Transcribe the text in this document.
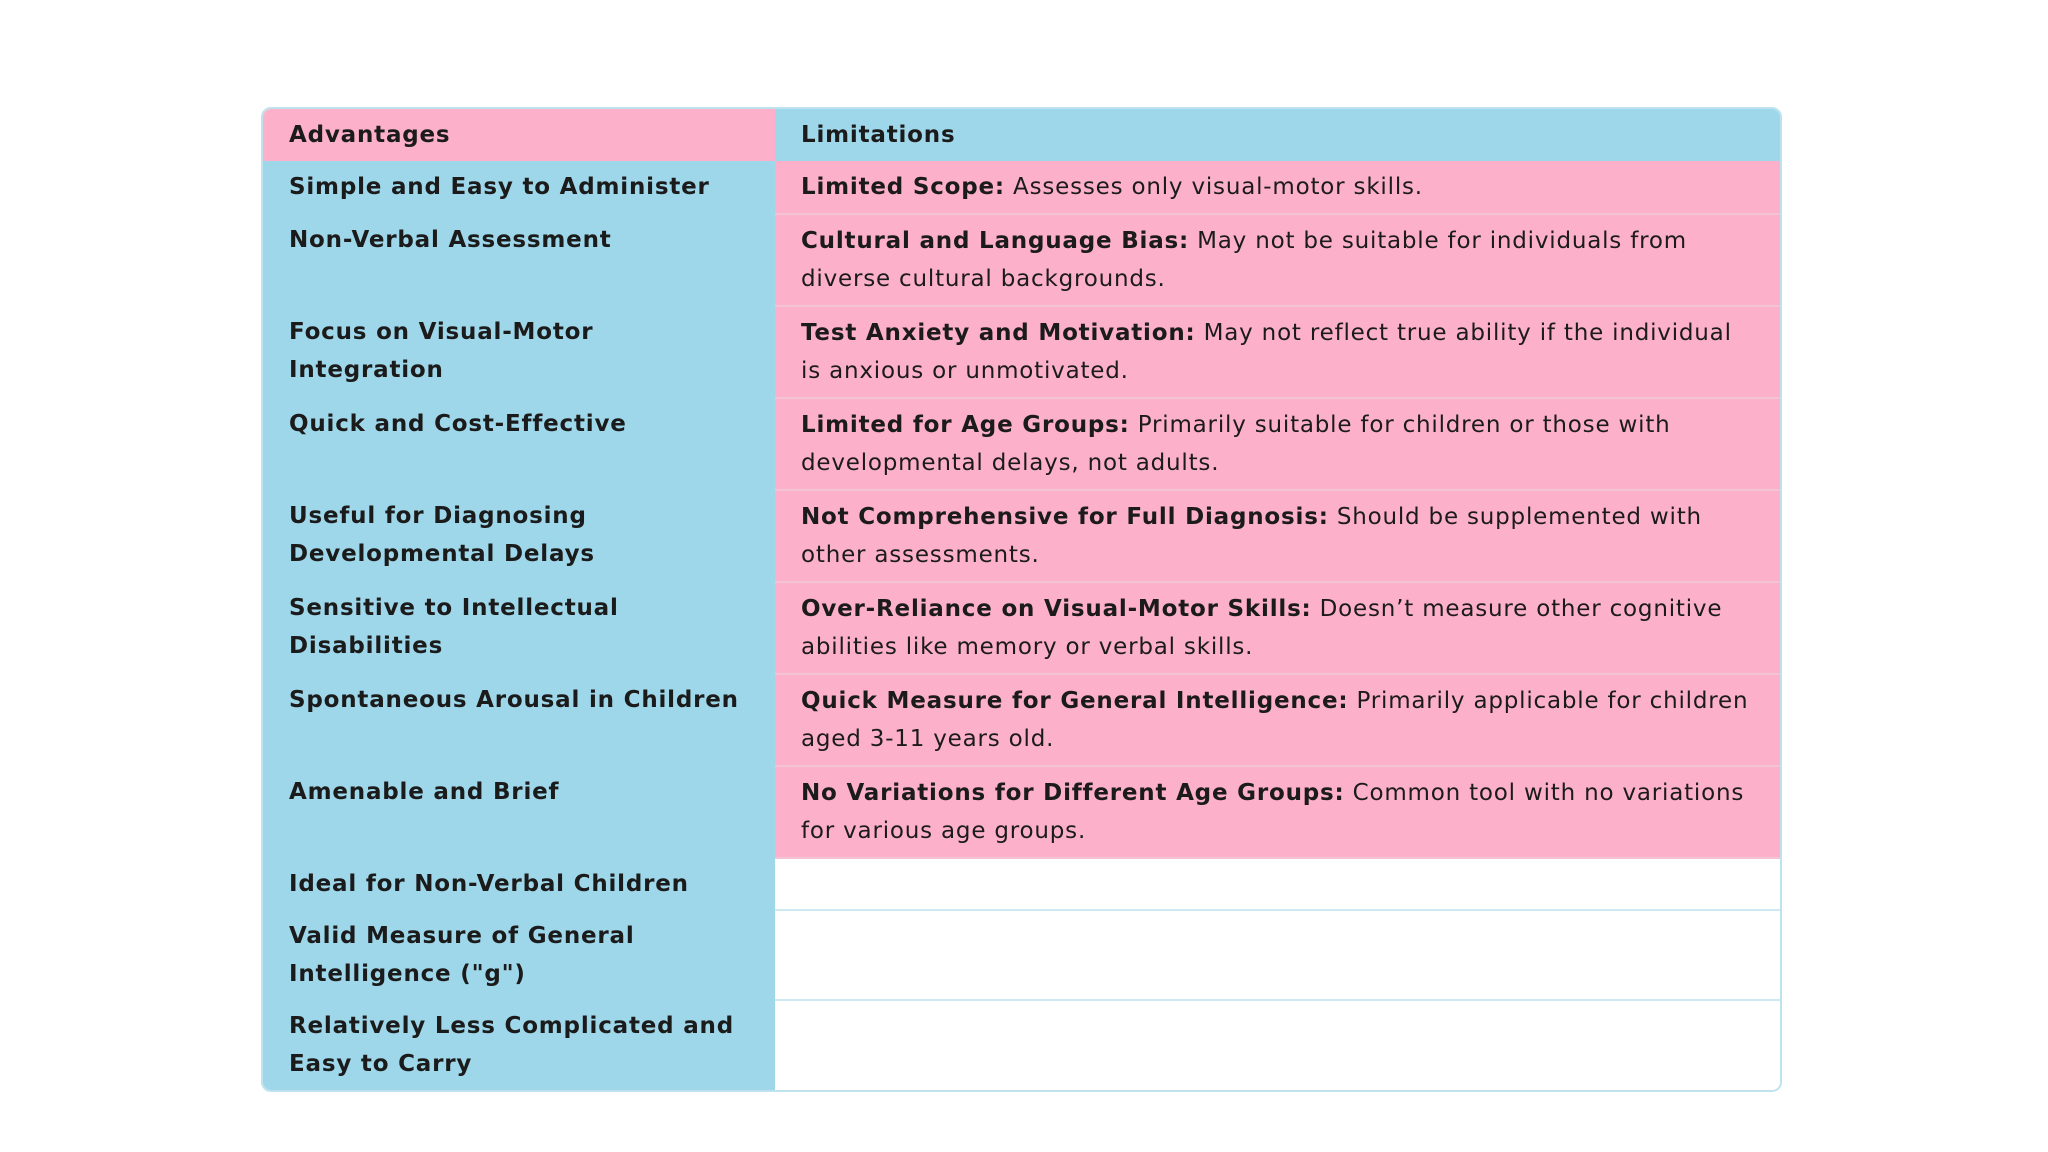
Advantages	Limitations
Simple and Easy to Administer	Limited Scope: Assesses only visual-motor skills.
Non-Verbal Assessment	Cultural and Language Bias: May not be suitable for individuals from diverse cultural backgrounds.
Focus on Visual-Motor Integration	Test Anxiety and Motivation: May not reflect true ability if the individual is anxious or unmotivated.
Quick and Cost-Effective	Limited for Age Groups: Primarily suitable for children or those with developmental delays, not adults.
Useful for Diagnosing Developmental Delays	Not Comprehensive for Full Diagnosis: Should be supplemented with other assessments.
Sensitive to Intellectual Disabilities	Over-Reliance on Visual-Motor Skills: Doesn’t measure other cognitive abilities like memory or verbal skills.
Spontaneous Arousal in Children	Quick Measure for General Intelligence: Primarily applicable for children aged 3-11 years old.
Amenable and Brief	No Variations for Different Age Groups: Common tool with no variations for various age groups.
Ideal for Non-Verbal Children	
Valid Measure of General Intelligence ("g")	
Relatively Less Complicated and Easy to Carry	
